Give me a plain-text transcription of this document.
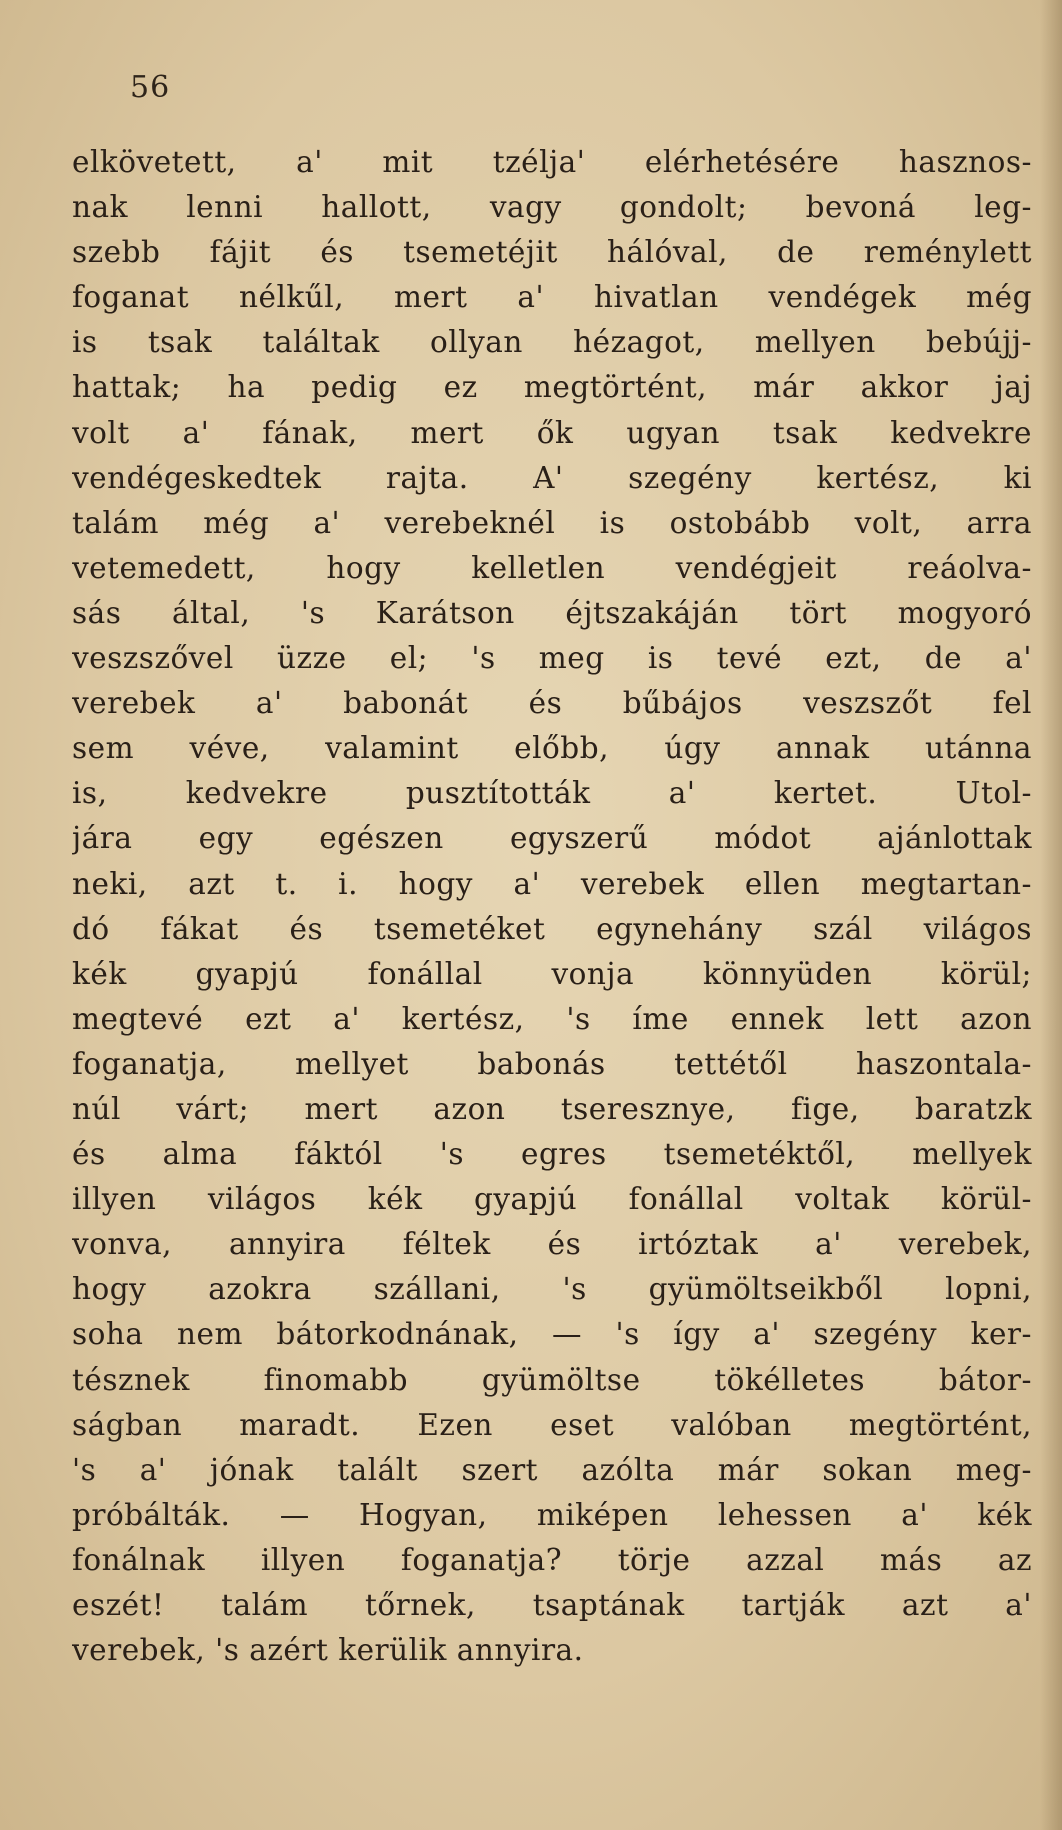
56
elkövetett, a' mit tzélja' elérhetésére hasznos-
nak lenni hallott, vagy gondolt; bevoná leg-
szebb fájit és tsemetéjit hálóval, de reménylett
foganat nélkűl, mert a' hivatlan vendégek még
is tsak találtak ollyan hézagot, mellyen bebújj-
hattak; ha pedig ez megtörtént, már akkor jaj
volt a' fának, mert ők ugyan tsak kedvekre
vendégeskedtek rajta. A' szegény kertész, ki
talám még a' verebeknél is ostobább volt, arra
vetemedett, hogy kelletlen vendégjeit reáolva-
sás által, 's Karátson éjtszakáján tört mogyoró
veszszővel üzze el; 's meg is tevé ezt, de a'
verebek a' babonát és bűbájos veszszőt fel
sem véve, valamint előbb, úgy annak utánna
is, kedvekre pusztították a' kertet. Utol-
jára egy egészen egyszerű módot ajánlottak
neki, azt t. i. hogy a' verebek ellen megtartan-
dó fákat és tsemetéket egynehány szál világos
kék gyapjú fonállal vonja könnyüden körül;
megtevé ezt a' kertész, 's íme ennek lett azon
foganatja, mellyet babonás tettétől haszontala-
núl várt; mert azon tseresznye, fige, baratzk
és alma fáktól 's egres tsemetéktől, mellyek
illyen világos kék gyapjú fonállal voltak körül-
vonva, annyira féltek és irtóztak a' verebek,
hogy azokra szállani, 's gyümöltseikből lopni,
soha nem bátorkodnának, — 's így a' szegény ker-
tésznek finomabb gyümöltse tökélletes bátor-
ságban maradt. Ezen eset valóban megtörtént,
's a' jónak talált szert azólta már sokan meg-
próbálták. — Hogyan, miképen lehessen a' kék
fonálnak illyen foganatja? törje azzal más az
eszét! talám tőrnek, tsaptának tartják azt a'
verebek, 's azért kerülik annyira.
